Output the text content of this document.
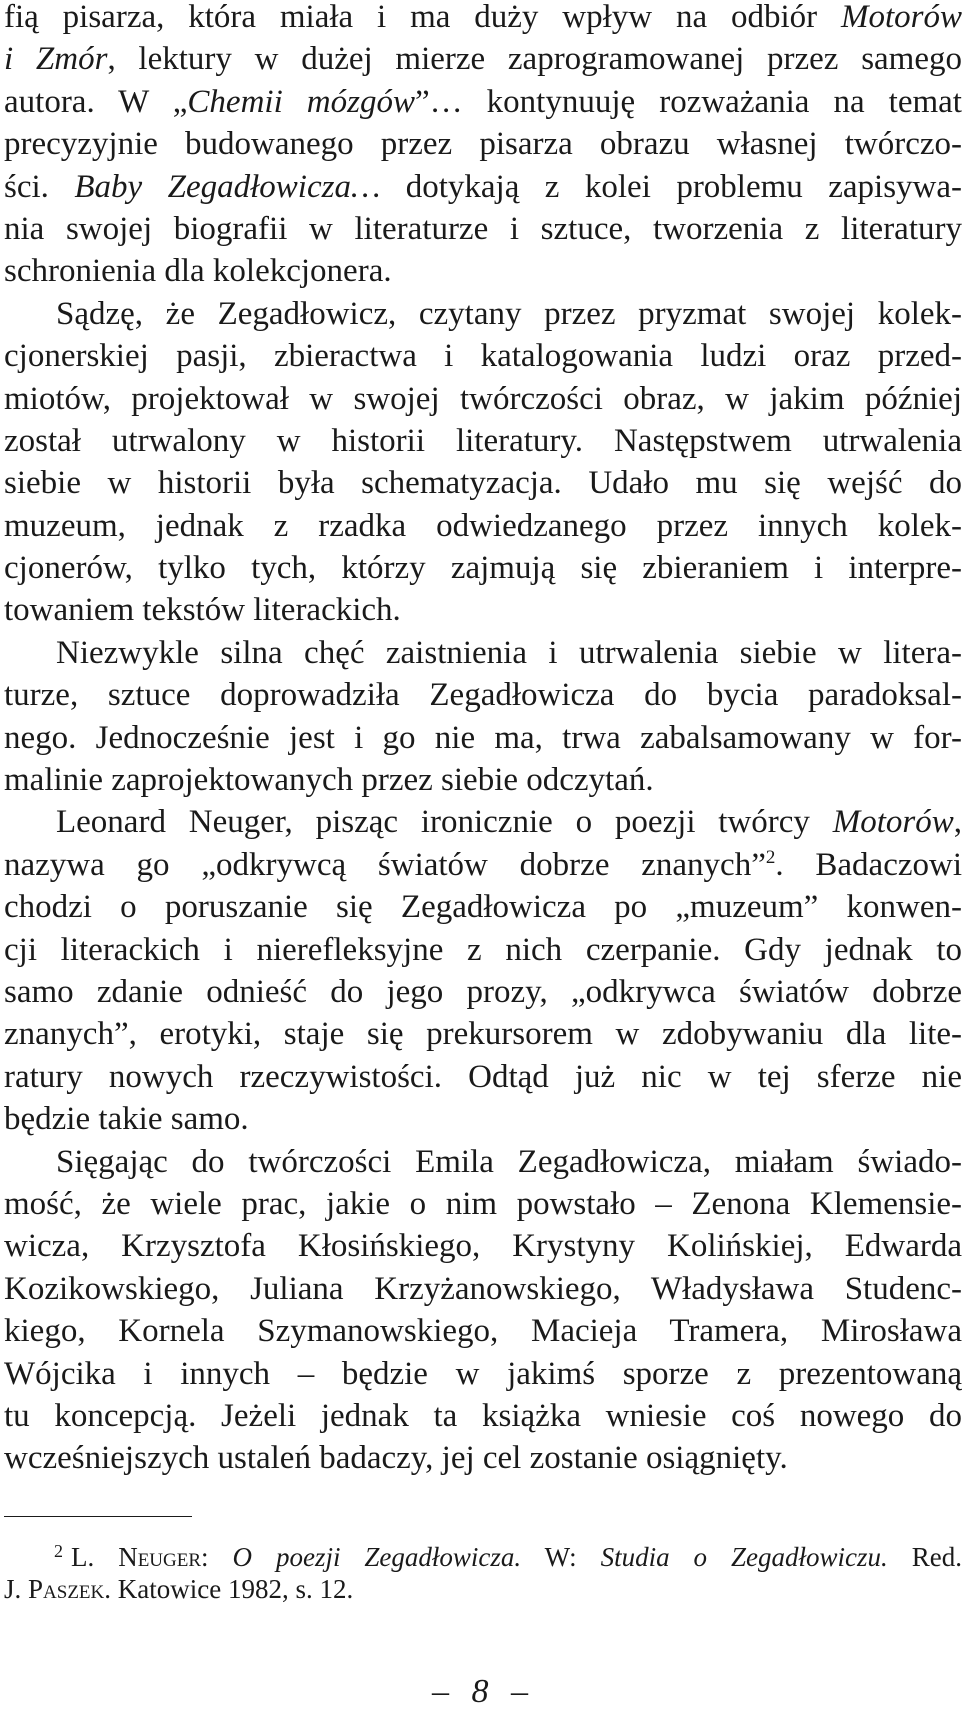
fią pisarza, która miała i ma duży wpływ na odbiór Motorów
i Zmór, lektury w dużej mierze zaprogramowanej przez samego
autora. W „Chemii mózgów”… kontynuuję rozważania na temat
precyzyjnie budowanego przez pisarza obrazu własnej twórczo-
ści. Baby Zegadłowicza… dotykają z kolei problemu zapisywa-
nia swojej biografii w literaturze i sztuce, tworzenia z literatury
schronienia dla kolekcjonera.
Sądzę, że Zegadłowicz, czytany przez pryzmat swojej kolek-
cjonerskiej pasji, zbieractwa i katalogowania ludzi oraz przed-
miotów, projektował w swojej twórczości obraz, w jakim później
został utrwalony w historii literatury. Następstwem utrwalenia
siebie w historii była schematyzacja. Udało mu się wejść do
muzeum, jednak z rzadka odwiedzanego przez innych kolek-
cjonerów, tylko tych, którzy zajmują się zbieraniem i interpre-
towaniem tekstów literackich.
Niezwykle silna chęć zaistnienia i utrwalenia siebie w litera-
turze, sztuce doprowadziła Zegadłowicza do bycia paradoksal-
nego. Jednocześnie jest i go nie ma, trwa zabalsamowany w for-
malinie zaprojektowanych przez siebie odczytań.
Leonard Neuger, pisząc ironicznie o poezji twórcy Motorów,
nazywa go „odkrywcą światów dobrze znanych”$^2$. Badaczowi
chodzi o poruszanie się Zegadłowicza po „muzeum” konwen-
cji literackich i nierefleksyjne z nich czerpanie. Gdy jednak to
samo zdanie odnieść do jego prozy, „odkrywca światów dobrze
znanych”, erotyki, staje się prekursorem w zdobywaniu dla lite-
ratury nowych rzeczywistości. Odtąd już nic w tej sferze nie
będzie takie samo.
Sięgając do twórczości Emila Zegadłowicza, miałam świado-
mość, że wiele prac, jakie o nim powstało – Zenona Klemensie-
wicza, Krzysztofa Kłosińskiego, Krystyny Kolińskiej, Edwarda
Kozikowskiego, Juliana Krzyżanowskiego, Władysława Studenc-
kiego, Kornela Szymanowskiego, Macieja Tramera, Mirosława
Wójcika i innych – będzie w jakimś sporze z prezentowaną
tu koncepcją. Jeżeli jednak ta książka wniesie coś nowego do
wcześniejszych ustaleń badaczy, jej cel zostanie osiągnięty.
$^2$ L. Neuger: O poezji Zegadłowicza. W: Studia o Zegadłowiczu. Red.
J. Paszek. Katowice 1982, s. 12.
– 8 –
